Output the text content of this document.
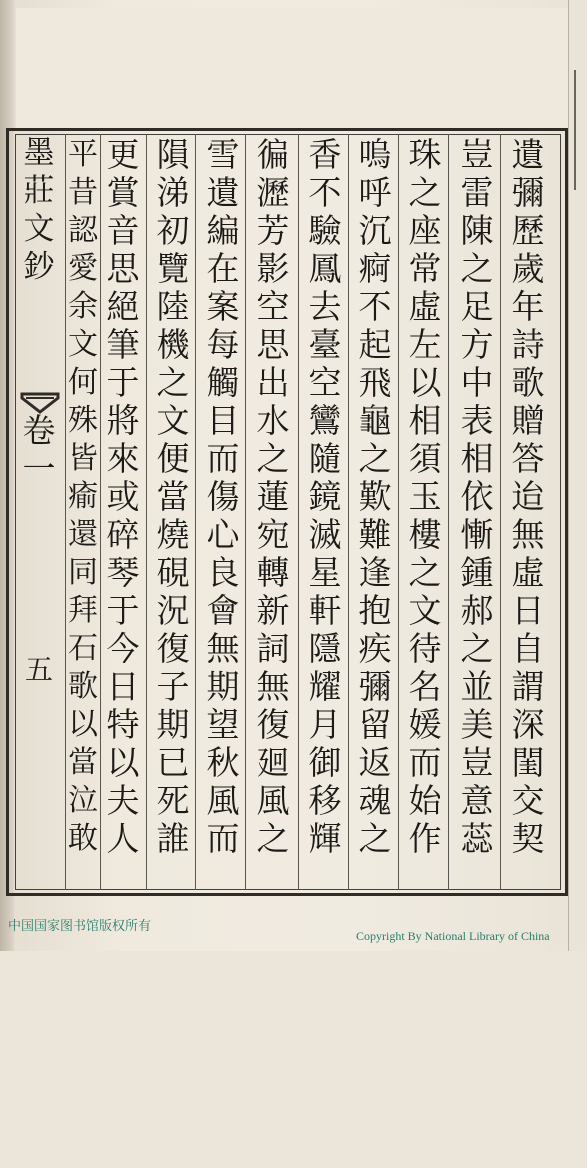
墨
莊
文
鈔
卷
一
五
遺
彌
歷
歲
年
詩
歌
贈
答
迨
無
虛
日
自
謂
深
閨
交
契
豈
雷
陳
之
足
方
中
表
相
依
慚
鍾
郝
之
並
美
豈
意
蕊
珠
之
座
常
虛
左
以
相
須
玉
樓
之
文
待
名
媛
而
始
作
嗚
呼
沉
痾
不
起
飛
龜
之
歎
難
逢
抱
疾
彌
留
返
魂
之
香
不
驗
鳳
去
臺
空
鸞
隨
鏡
滅
星
軒
隱
耀
月
御
移
輝
徧
瀝
芳
影
空
思
出
水
之
蓮
宛
轉
新
詞
無
復
廻
風
之
雪
遺
編
在
案
每
觸
目
而
傷
心
良
會
無
期
望
秋
風
而
隕
涕
初
覽
陸
機
之
文
便
當
燒
硯
況
復
子
期
已
死
誰
更
賞
音
思
絕
筆
于
將
來
或
碎
琴
于
今
日
特
以
夫
人
平
昔
認
愛
余
文
何
殊
皆
瘉
還
同
拜
石
歌
以
當
泣
敢
中国国家图书馆版权所有
Copyright By National Library of China
